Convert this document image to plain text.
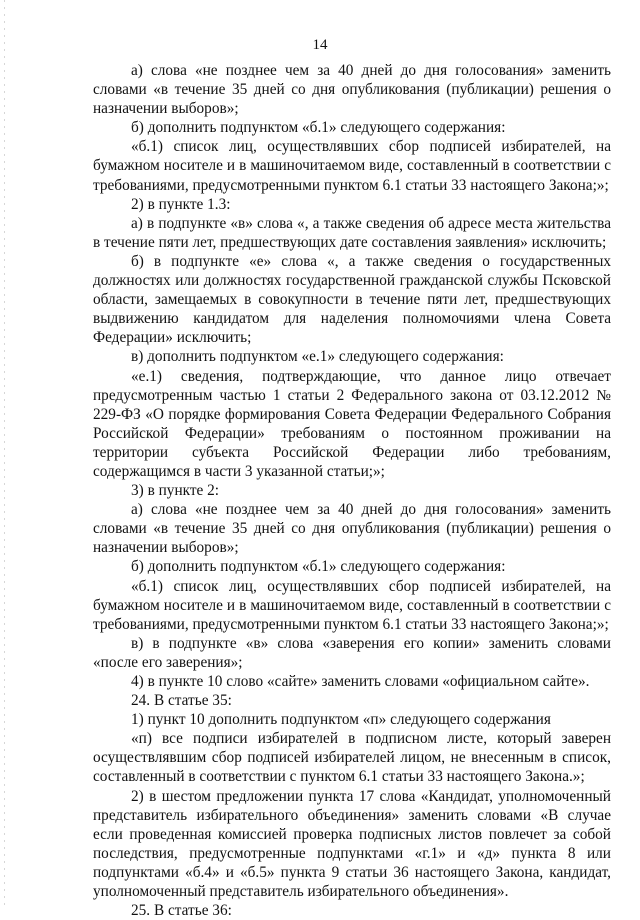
14

а) слова «не позднее чем за 40 дней до дня голосования» заменить словами «в течение 35 дней со дня опубликования (публикации) решения о назначении выборов»;

б) дополнить подпунктом «б.1» следующего содержания:

«б.1) список лиц, осуществлявших сбор подписей избирателей, на бумажном носителе и в машиночитаемом виде, составленный в соответствии с требованиями, предусмотренными пунктом 6.1 статьи 33 настоящего Закона;»;

2) в пункте 1.3:

а) в подпункте «в» слова «, а также сведения об адресе места жительства в течение пяти лет, предшествующих дате составления заявления» исключить;

б) в подпункте «е» слова «, а также сведения о государственных должностях или должностях государственной гражданской службы Псковской области, замещаемых в совокупности в течение пяти лет, предшествующих выдвижению кандидатом для наделения полномочиями члена Совета Федерации» исключить;

в) дополнить подпунктом «е.1» следующего содержания:

«е.1) сведения, подтверждающие, что данное лицо отвечает предусмотренным частью 1 статьи 2 Федерального закона от 03.12.2012 № 229-ФЗ «О порядке формирования Совета Федерации Федерального Собрания Российской Федерации» требованиям о постоянном проживании на территории субъекта Российской Федерации либо требованиям, содержащимся в части 3 указанной статьи;»;

3) в пункте 2:

а) слова «не позднее чем за 40 дней до дня голосования» заменить словами «в течение 35 дней со дня опубликования (публикации) решения о назначении выборов»;

б) дополнить подпунктом «б.1» следующего содержания:

«б.1) список лиц, осуществлявших сбор подписей избирателей, на бумажном носителе и в машиночитаемом виде, составленный в соответствии с требованиями, предусмотренными пунктом 6.1 статьи 33 настоящего Закона;»;

в) в подпункте «в» слова «заверения его копии» заменить словами «после его заверения»;

4) в пункте 10 слово «сайте» заменить словами «официальном сайте».

24. В статье 35:

1) пункт 10 дополнить подпунктом «п» следующего содержания

«п) все подписи избирателей в подписном листе, который заверен осуществлявшим сбор подписей избирателей лицом, не внесенным в список, составленный в соответствии с пунктом 6.1 статьи 33 настоящего Закона.»;

2) в шестом предложении пункта 17 слова «Кандидат, уполномоченный представитель избирательного объединения» заменить словами «В случае если проведенная комиссией проверка подписных листов повлечет за собой последствия, предусмотренные подпунктами «г.1» и «д» пункта 8 или подпунктами «б.4» и «б.5» пункта 9 статьи 36 настоящего Закона, кандидат, уполномоченный представитель избирательного объединения».

25. В статье 36:
